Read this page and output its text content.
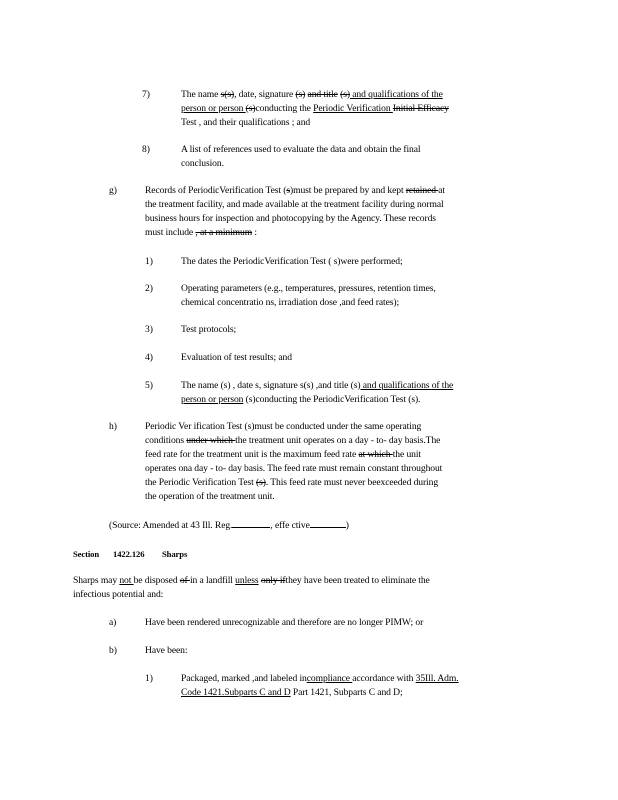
7)	The name s(s), date, signature (s) and title (s) and qualifications of the
person or person (s)conducting the Periodic Verification Initial Efficacy
Test , and their qualifications ; and
8)	A list of references used to evaluate the data and obtain the final
conclusion.
g)	Records of PeriodicVerification Test (s)must be prepared by and kept retained at
the treatment facility, and made available at the treatment facility during normal
business hours for inspection and photocopying by the Agency. These records
must include , at a minimum :
1)	The dates the PeriodicVerification Test ( s)were performed;
2)	Operating parameters (e.g., temperatures, pressures, retention times,
chemical concentratio ns, irradiation dose ,and feed rates);
3)	Test protocols;
4)	Evaluation of test results; and
5)	The name (s) , date s, signature s(s) ,and title (s) and qualifications of the
person or person (s)conducting the PeriodicVerification Test (s).
h)	Periodic Ver ification Test (s)must be conducted under the same operating
conditions under which the treatment unit operates on a day - to- day basis.The
feed rate for the treatment unit is the maximum feed rate at which the unit
operates ona day - to- day basis. The feed rate must remain constant throughout
the Periodic Verification Test (s). This feed rate must never beexceeded during
the operation of the treatment unit.
(Source: Amended at 43 Ill. Reg.	, effe ctive	)
Section 1422.126 Sharps
Sharps may not be disposed of in a landfill unless only ifthey have been treated to eliminate the
infectious potential and:
a)	Have been rendered unrecognizable and therefore are no longer PIMW; or
b)	Have been:
1)	Packaged, marked ,and labeled incompliance accordance with 35Ill. Adm.
Code 1421.Subparts C and D Part 1421, Subparts C and D;
